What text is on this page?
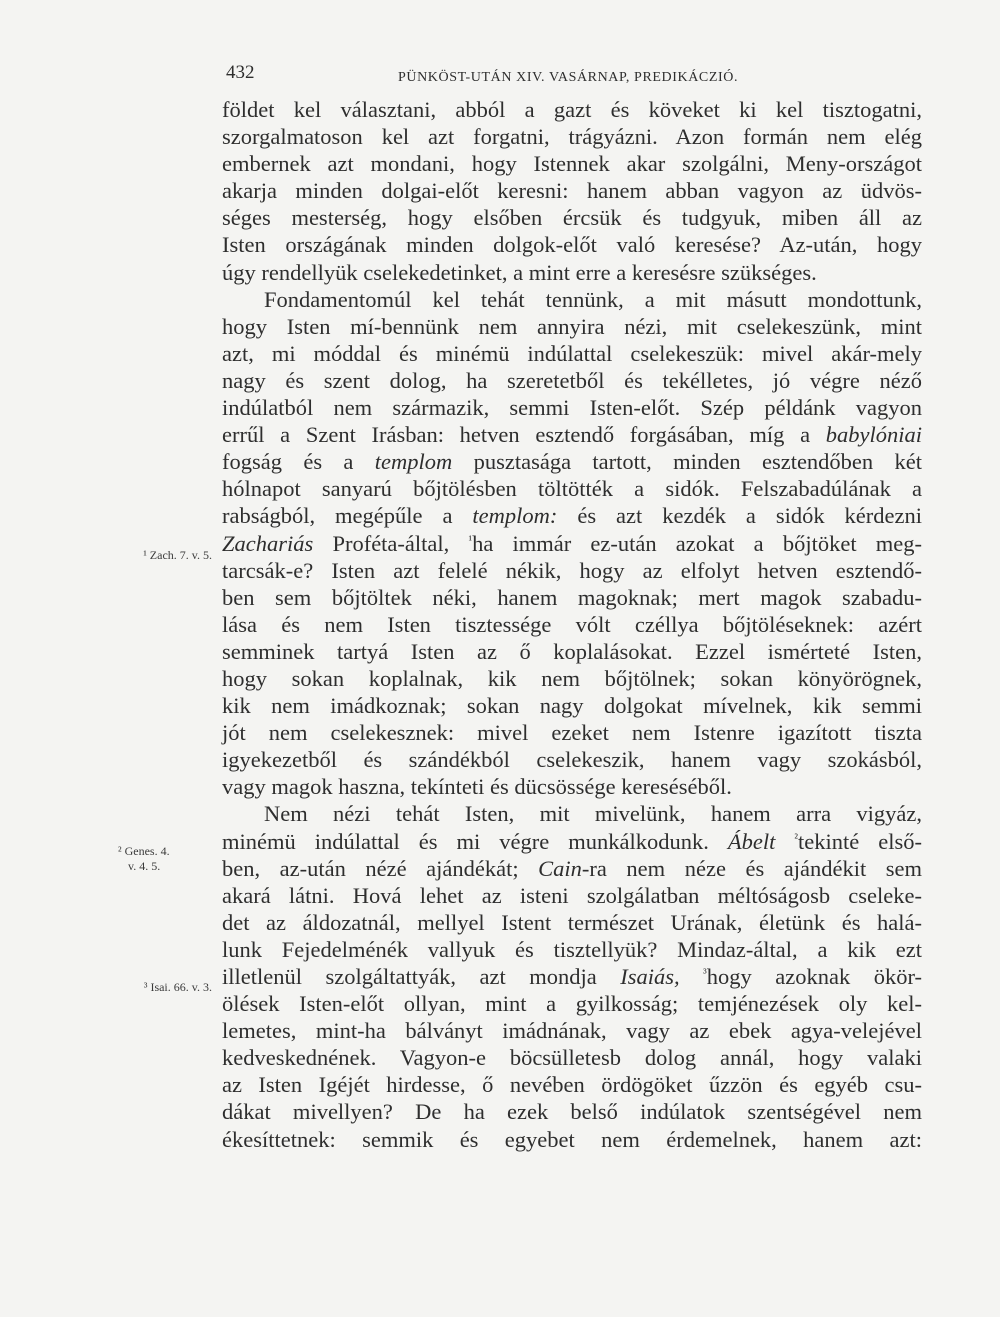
432	PÜNKÖST-UTÁN XIV. VASÁRNAP, PREDIKÁCZIÓ.
¹ Zach. 7. v. 5.
² Genes. 4.
v. 4. 5.
³ Isai. 66. v. 3.
földet kel választani, abból a gazt és köveket ki kel tisztogatni,
szorgalmatoson kel azt forgatni, trágyázni. Azon formán nem elég
embernek azt mondani, hogy Istennek akar szolgálni, Meny-országot
akarja minden dolgai-előt keresni: hanem abban vagyon az üdvös-
séges mesterség, hogy elsőben ércsük és tudgyuk, miben áll az
Isten országának minden dolgok-előt való keresése? Az-után, hogy
úgy rendellyük cselekedetinket, a mint erre a keresésre szükséges.
Fondamentomúl kel tehát tennünk, a mit másutt mondottunk,
hogy Isten mí-bennünk nem annyira nézi, mit cselekeszünk, mint
azt, mi móddal és minémü indúlattal cselekeszük: mivel akár-mely
nagy és szent dolog, ha szeretetből és tekélletes, jó végre néző
indúlatból nem származik, semmi Isten-előt. Szép példánk vagyon
errűl a Szent Irásban: hetven esztendő forgásában, míg a babylóniai
fogság és a templom pusztasága tartott, minden esztendőben két
hólnapot sanyarú bőjtölésben töltötték a sidók. Felszabadúlának a
rabságból, megépűle a templom: és azt kezdék a sidók kérdezni
Zachariás Proféta-által, $^{^1}$ha immár ez-után azokat a bőjtöket meg-
tarcsák-e? Isten azt felelé nékik, hogy az elfolyt hetven esztendő-
ben sem bőjtöltek néki, hanem magoknak; mert magok szabadu-
lása és nem Isten tisztessége vólt czéllya bőjtöléseknek: azért
semminek tartyá Isten az ő koplalásokat. Ezzel ismérteté Isten,
hogy sokan koplalnak, kik nem bőjtölnek; sokan könyörögnek,
kik nem imádkoznak; sokan nagy dolgokat mívelnek, kik semmi
jót nem cselekesznek: mivel ezeket nem Istenre igazított tiszta
igyekezetből és szándékból cselekeszik, hanem vagy szokásból,
vagy magok haszna, tekínteti és dücsössége kereséséből.
Nem nézi tehát Isten, mit mivelünk, hanem arra vigyáz,
minémü indúlattal és mi végre munkálkodunk. Ábelt $^{^2}$tekinté első-
ben, az-után nézé ajándékát; Cain-ra nem néze és ajándékit sem
akará látni. Hová lehet az isteni szolgálatban méltóságosb cseleke-
det az áldozatnál, mellyel Istent természet Urának, életünk és halá-
lunk Fejedelménék vallyuk és tisztellyük? Mindaz-által, a kik ezt
illetlenül szolgáltattyák, azt mondja Isaiás, $^{^3}$hogy azoknak ökör-
ölések Isten-előt ollyan, mint a gyilkosság; temjénezések oly kel-
lemetes, mint-ha bálványt imádnának, vagy az ebek agya-velejével
kedveskednének. Vagyon-e böcsülletesb dolog annál, hogy valaki
az Isten Igéjét hirdesse, ő nevében ördögöket űzzön és egyéb csu-
dákat mivellyen? De ha ezek belső indúlatok szentségével nem
ékesíttetnek: semmik és egyebet nem érdemelnek, hanem azt:
